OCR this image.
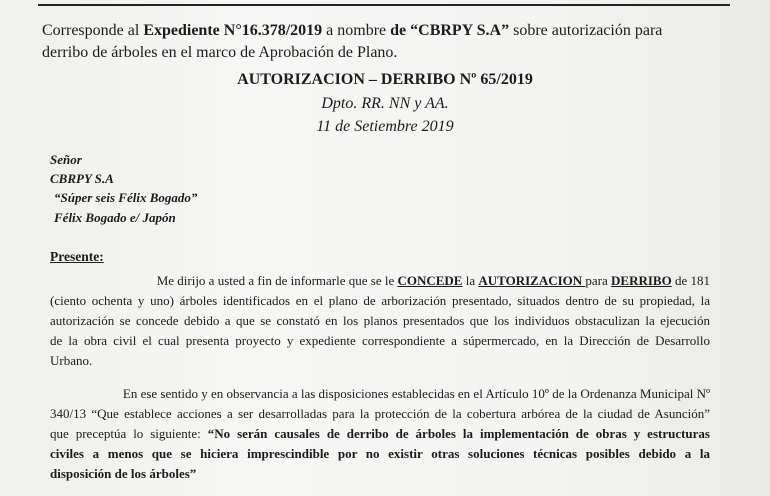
Corresponde al Expediente N°16.378/2019 a nombre de “CBRPY S.A” sobre autorización para

derribo de árboles en el marco de Aprobación de Plano.

AUTORIZACION – DERRIBO Nº 65/2019

Dpto. RR. NN y AA.

11 de Setiembre 2019

Señor

CBRPY S.A

“Súper seis Félix Bogado”

Félix Bogado e/ Japón

Presente:

Me dirijo a usted a fin de informarle que se le CONCEDE la AUTORIZACION para DERRIBO de 181

(ciento ochenta y uno) árboles identificados en el plano de arborización presentado, situados dentro de su propiedad, la

autorización se concede debido a que se constató en los planos presentados que los individuos obstaculizan la ejecución

de la obra civil el cual presenta proyecto y expediente correspondiente a súpermercado, en la Dirección de Desarrollo

Urbano.

En ese sentido y en observancia a las disposiciones establecidas en el Artículo 10º de la Ordenanza Municipal Nº

340/13 “Que establece acciones a ser desarrolladas para la protección de la cobertura arbórea de la ciudad de Asunción”

que preceptúa lo siguiente: “No serán causales de derribo de árboles la implementación de obras y estructuras

civiles a menos que se hiciera imprescindible por no existir otras soluciones técnicas posibles debido a la

disposición de los árboles”
